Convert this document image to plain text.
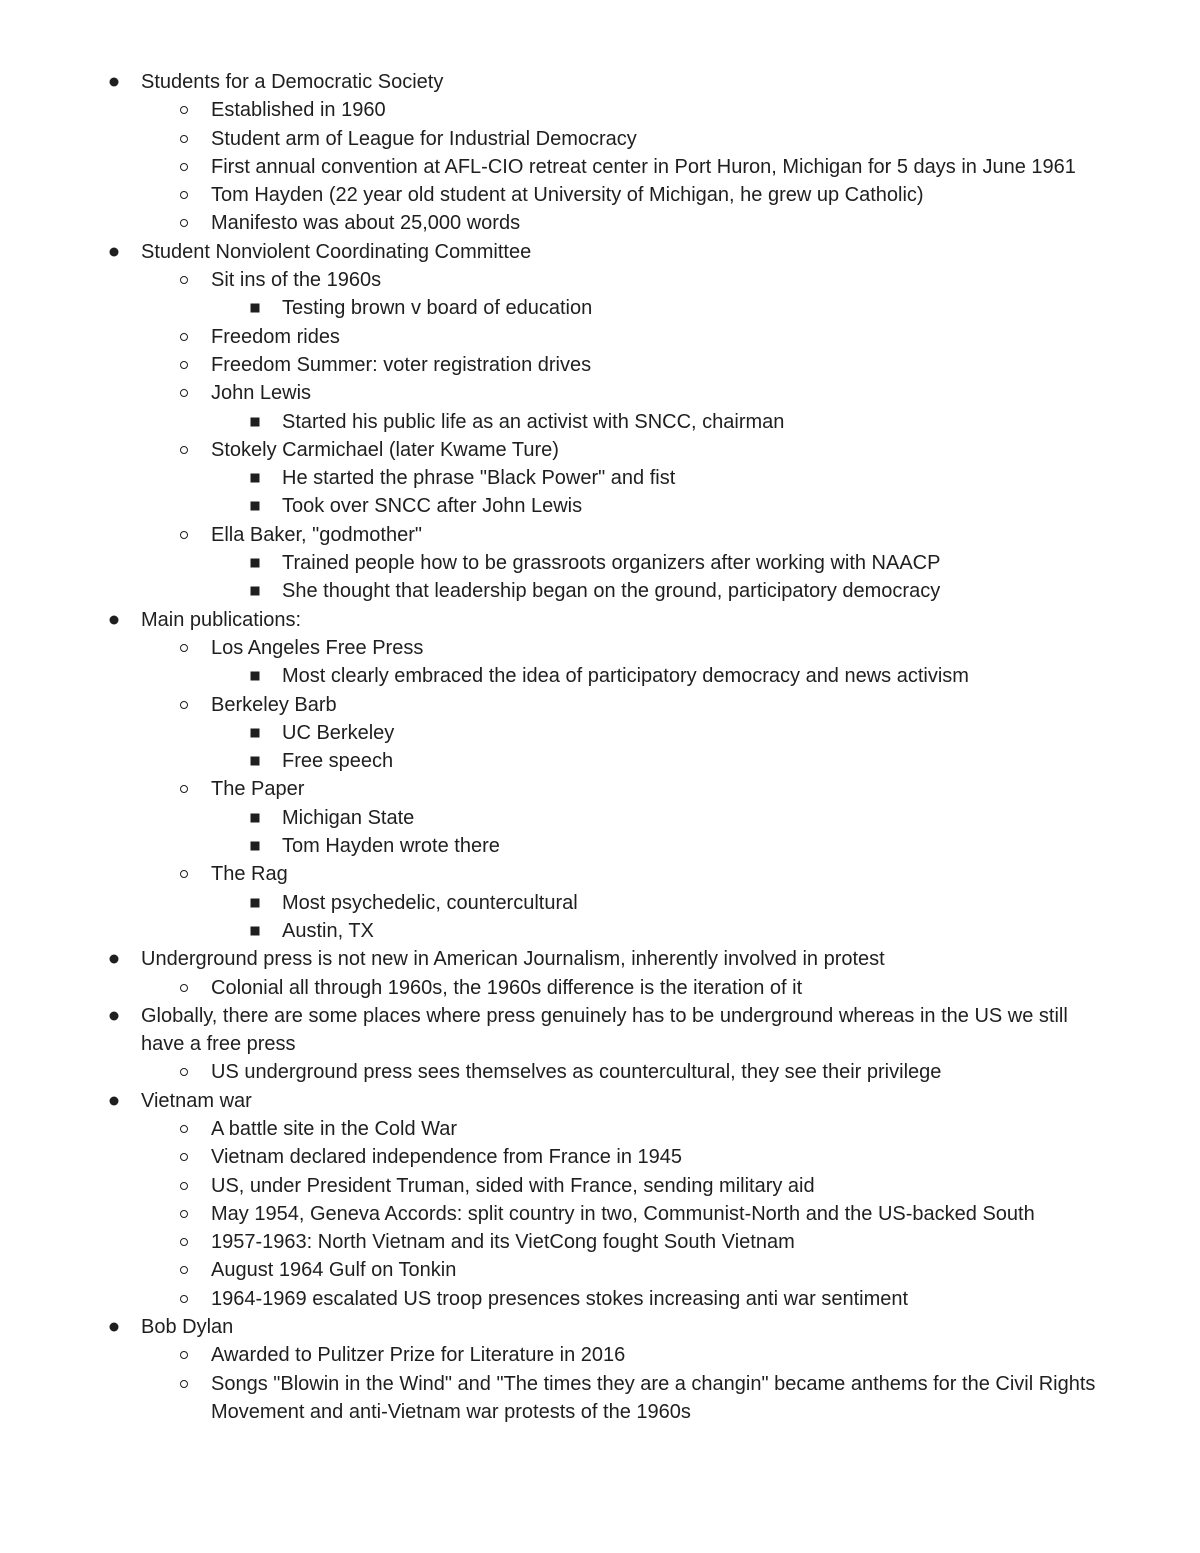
Students for a Democratic Society
Established in 1960
Student arm of League for Industrial Democracy
First annual convention at AFL-CIO retreat center in Port Huron, Michigan for 5 days in June 1961
Tom Hayden (22 year old student at University of Michigan, he grew up Catholic)
Manifesto was about 25,000 words
Student Nonviolent Coordinating Committee
Sit ins of the 1960s
Testing brown v board of education
Freedom rides
Freedom Summer: voter registration drives
John Lewis
Started his public life as an activist with SNCC, chairman
Stokely Carmichael (later Kwame Ture)
He started the phrase "Black Power" and fist
Took over SNCC after John Lewis
Ella Baker, "godmother"
Trained people how to be grassroots organizers after working with NAACP
She thought that leadership began on the ground, participatory democracy
Main publications:
Los Angeles Free Press
Most clearly embraced the idea of participatory democracy and news activism
Berkeley Barb
UC Berkeley
Free speech
The Paper
Michigan State
Tom Hayden wrote there
The Rag
Most psychedelic, countercultural
Austin, TX
Underground press is not new in American Journalism, inherently involved in protest
Colonial all through 1960s, the 1960s difference is the iteration of it
Globally, there are some places where press genuinely has to be underground whereas in the US we still have a free press
US underground press sees themselves as countercultural, they see their privilege
Vietnam war
A battle site in the Cold War
Vietnam declared independence from France in 1945
US, under President Truman, sided with France, sending military aid
May 1954, Geneva Accords: split country in two, Communist-North and the US-backed South
1957-1963: North Vietnam and its VietCong fought South Vietnam
August 1964 Gulf on Tonkin
1964-1969 escalated US troop presences stokes increasing anti war sentiment
Bob Dylan
Awarded to Pulitzer Prize for Literature in 2016
Songs "Blowin in the Wind" and "The times they are a changin" became anthems for the Civil Rights Movement and anti-Vietnam war protests of the 1960s
